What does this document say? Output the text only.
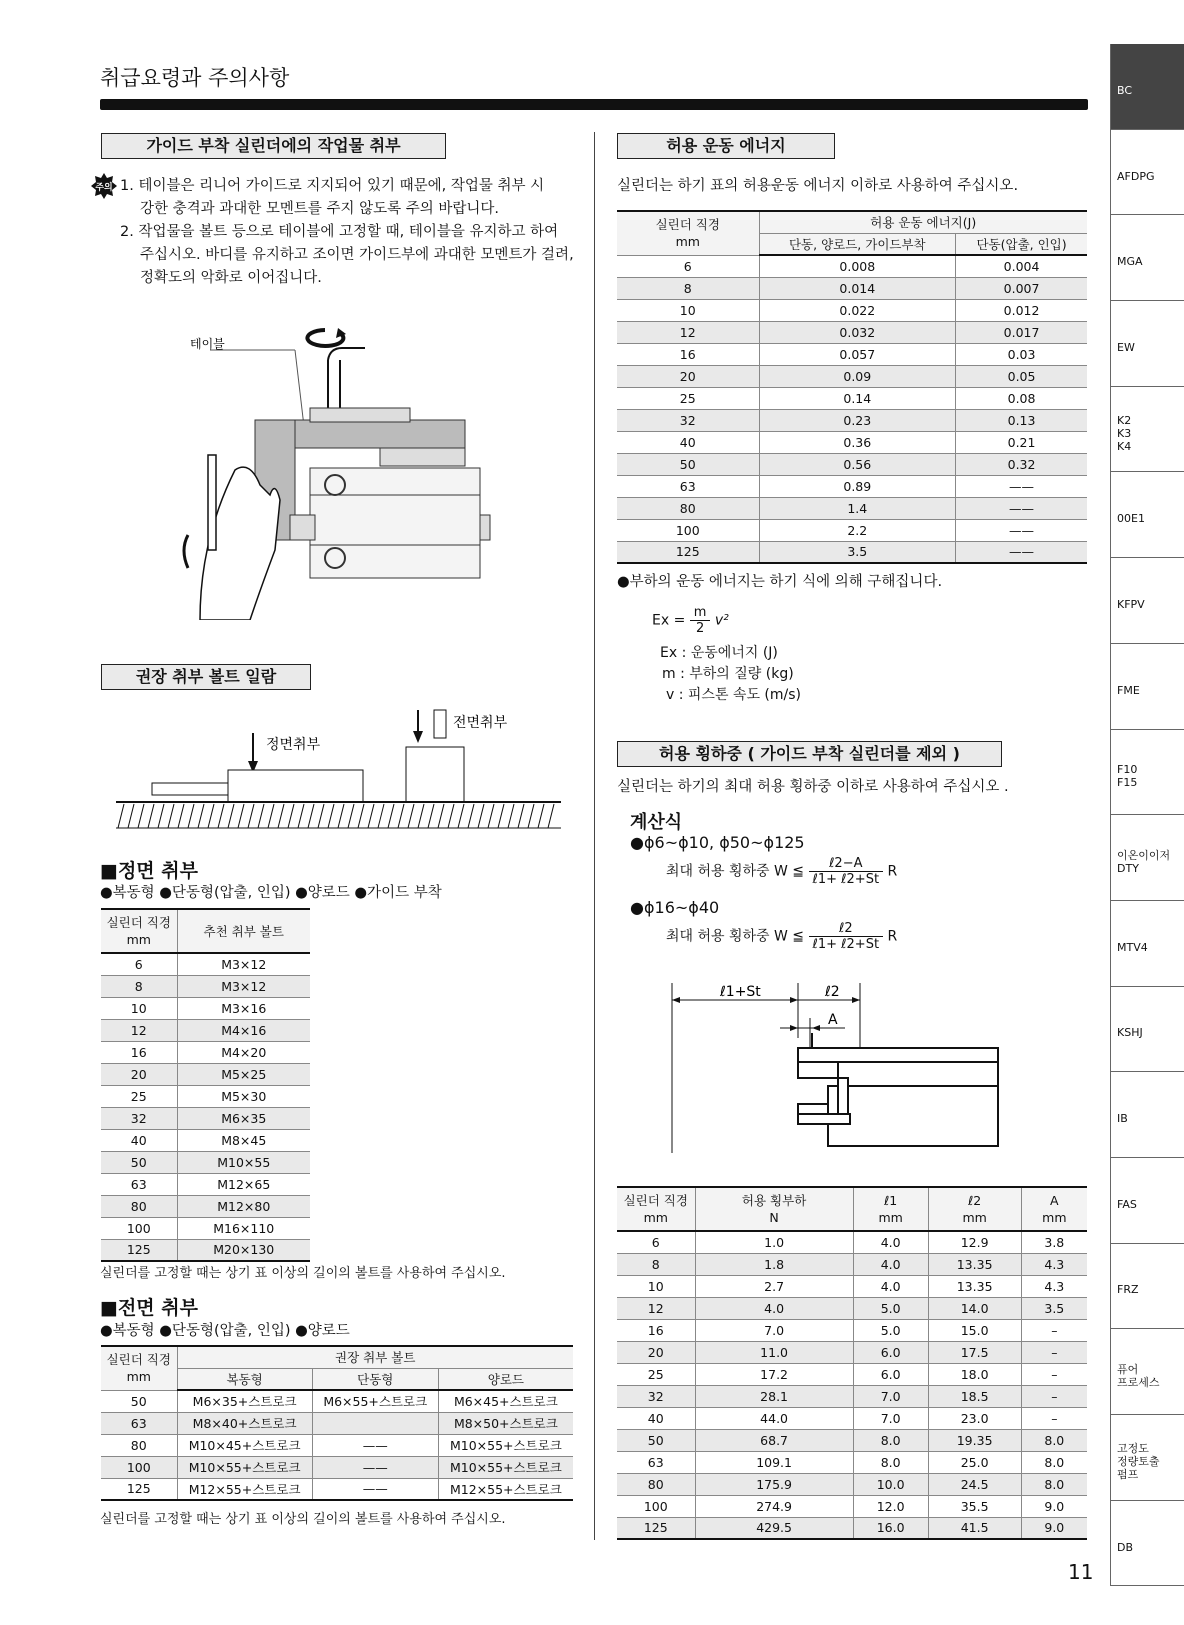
취급요령과 주의사항
가이드 부착 실린더에의 작업물 취부
주의 1. 테이블은 리니어 가이드로 지지되어 있기 때문에, 작업물 취부 시
강한 충격과 과대한 모멘트를 주지 않도록 주의 바랍니다.
2. 작업물을 볼트 등으로 테이블에 고정할 때, 테이블을 유지하고 하여
주십시오. 바디를 유지하고 조이면 가이드부에 과대한 모멘트가 걸려,
정확도의 악화로 이어집니다.
테이블
권장 취부 볼트 일람
정면취부
전면취부
■정면 취부
●복동형 ●단동형(압출, 인입) ●양로드 ●가이드 부착
실린더 직경
mm	추천 취부 볼트
6	M3×12
8	M3×12
10	M3×16
12	M4×16
16	M4×20
20	M5×25
25	M5×30
32	M6×35
40	M8×45
50	M10×55
63	M12×65
80	M12×80
100	M16×110
125	M20×130
실린더를 고정할 때는 상기 표 이상의 길이의 볼트를 사용하여 주십시오.
■전면 취부
●복동형 ●단동형(압출, 인입) ●양로드
실린더 직경
mm	권장 취부 볼트		
	복동형	단동형	양로드
50	M6×35+스트로크	M6×55+스트로크	M6×45+스트로크
63	M8×40+스트로크		M8×50+스트로크
80	M10×45+스트로크	——	M10×55+스트로크
100	M10×55+스트로크	——	M10×55+스트로크
125	M12×55+스트로크	——	M12×55+스트로크
실린더를 고정할 때는 상기 표 이상의 길이의 볼트를 사용하여 주십시오.
허용 운동 에너지
실린더는 하기 표의 허용운동 에너지 이하로 사용하여 주십시오.
실린더 직경
mm	허용 운동 에너지(J)	
	단동, 양로드, 가이드부착	단동(압출, 인입)
6	0.008	0.004
8	0.014	0.007
10	0.022	0.012
12	0.032	0.017
16	0.057	0.03
20	0.09	0.05
25	0.14	0.08
32	0.23	0.13
40	0.36	0.21
50	0.56	0.32
63	0.89	——
80	1.4	——
100	2.2	——
125	3.5	——
●부하의 운동 에너지는 하기 식에 의해 구해집니다.
$Ex = \frac{m}{2} v^2$
Ex : 운동에너지 (J)
m : 부하의 질량 (kg)
v : 피스톤 속도 (m/s)
허용 횡하중 ( 가이드 부착 실린더를 제외 )
실린더는 하기의 최대 허용 횡하중 이하로 사용하여 주십시오 .
계산식
●ϕ6~ϕ10, ϕ50~ϕ125
최대 허용 횡하중 W ≦ $\frac{\text{ℓ2−A}}{\text{ℓ1+ ℓ2+St}}$ R
●ϕ16~ϕ40
최대 허용 횡하중 W ≦ $\frac{\text{ℓ2}}{\text{ℓ1+ ℓ2+St}}$ R
ℓ1+St	ℓ2
A
실린더 직경
mm	허용 횡부하
N	ℓ1
mm	ℓ2
mm	A
mm
6	1.0	4.0	12.9	3.8
8	1.8	4.0	13.35	4.3
10	2.7	4.0	13.35	4.3
12	4.0	5.0	14.0	3.5
16	7.0	5.0	15.0	–
20	11.0	6.0	17.5	–
25	17.2	6.0	18.0	–
32	28.1	7.0	18.5	–
40	44.0	7.0	23.0	–
50	68.7	8.0	19.35	8.0
63	109.1	8.0	25.0	8.0
80	175.9	10.0	24.5	8.0
100	274.9	12.0	35.5	9.0
125	429.5	16.0	41.5	9.0
BC
AFDPG
MGA
EW
K2
K3
K4
00E1
KFPV
FME
F10
F15
이온이이저
DTY
MTV4
KSHJ
IB
FAS
FRZ
퓨어
프로세스
고정도
정량토출
펌프
DB
11
